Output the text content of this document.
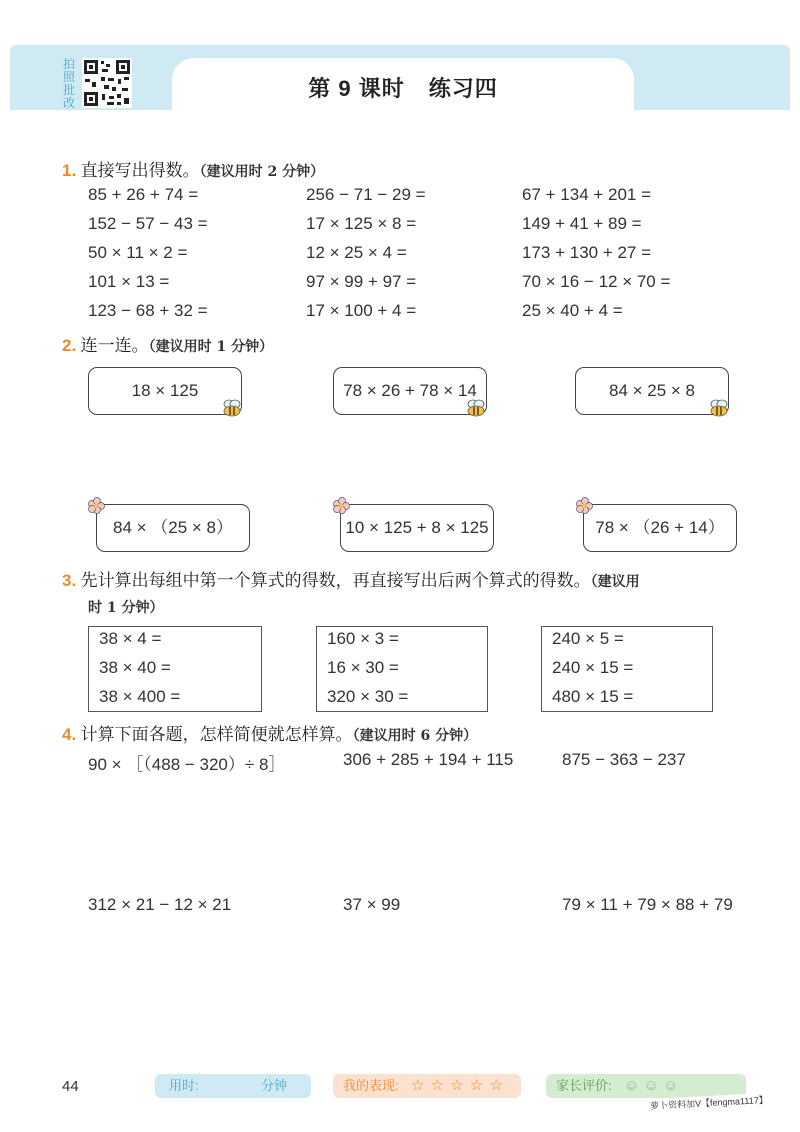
拍照批改
第 9 课时 练习四
1. 直接写出得数。（建议用时 2 分钟）
85 + 26 + 74 =	256 − 71 − 29 =	67 + 134 + 201 =
152 − 57 − 43 =	17 × 125 × 8 =	149 + 41 + 89 =
50 × 11 × 2 =	12 × 25 × 4 =	173 + 130 + 27 =
101 × 13 =	97 × 99 + 97 =	70 × 16 − 12 × 70 =
123 − 68 + 32 =	17 × 100 + 4 =	25 × 40 + 4 =
2. 连一连。（建议用时 1 分钟）
18 × 125	78 × 26 + 78 × 14	84 × 25 × 8
84 × （25 × 8）	10 × 125 + 8 × 125	78 × （26 + 14）
3. 先计算出每组中第一个算式的得数，再直接写出后两个算式的得数。（建议用
时 1 分钟）
38 × 4 =
38 × 40 =
38 × 400 =
160 × 3 =
16 × 30 =
320 × 30 =
240 × 5 =
240 × 15 =
480 × 15 =
4. 计算下面各题，怎样简便就怎样算。（建议用时 6 分钟）
90 × ［（488 − 320）÷ 8］	306 + 285 + 194 + 115	875 − 363 − 237
312 × 21 − 12 × 21	37 × 99	79 × 11 + 79 × 88 + 79
44	用时:	分钟	我的表现: ☆ ☆ ☆ ☆ ☆	家长评价: ☺ ☺ ☺
萝卜资料加V【fengma1117】
